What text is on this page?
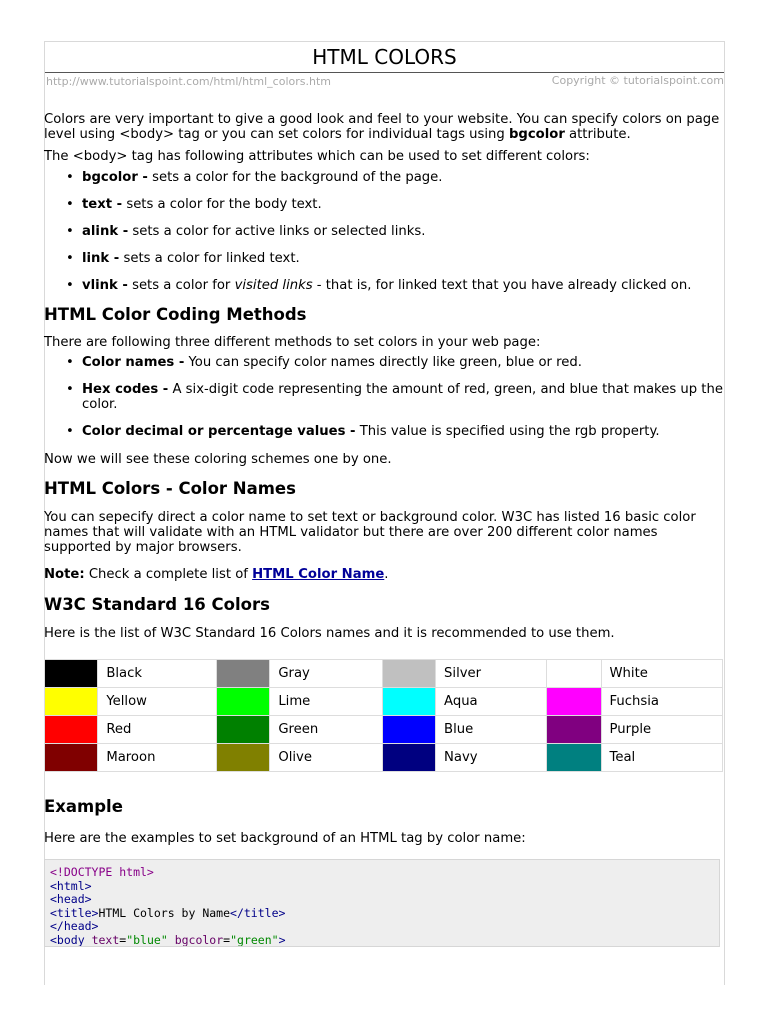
HTML COLORS
http://www.tutorialspoint.com/html/html_colors.htm	Copyright © tutorialspoint.com

Colors are very important to give a good look and feel to your website. You can specify colors on page level using <body> tag or you can set colors for individual tags using bgcolor attribute.

The <body> tag has following attributes which can be used to set different colors:

• bgcolor - sets a color for the background of the page.
• text - sets a color for the body text.
• alink - sets a color for active links or selected links.
• link - sets a color for linked text.
• vlink - sets a color for visited links - that is, for linked text that you have already clicked on.
HTML Color Coding Methods

There are following three different methods to set colors in your web page:

• Color names - You can specify color names directly like green, blue or red.
• Hex codes - A six-digit code representing the amount of red, green, and blue that makes up the color.
• Color decimal or percentage values - This value is specified using the rgb property.

Now we will see these coloring schemes one by one.

HTML Colors - Color Names

You can sepecify direct a color name to set text or background color. W3C has listed 16 basic color names that will validate with an HTML validator but there are over 200 different color names supported by major browsers.

Note: Check a complete list of HTML Color Name.

W3C Standard 16 Colors

Here is the list of W3C Standard 16 Colors names and it is recommended to use them.

	Black		Gray		Silver		White
	Yellow		Lime		Aqua		Fuchsia
	Red		Green		Blue		Purple
	Maroon		Olive		Navy		Teal
Example

Here are the examples to set background of an HTML tag by color name:

<!DOCTYPE html>
<html>
<head>
<title>HTML Colors by Name</title>
</head>
<body text="blue" bgcolor="green">
